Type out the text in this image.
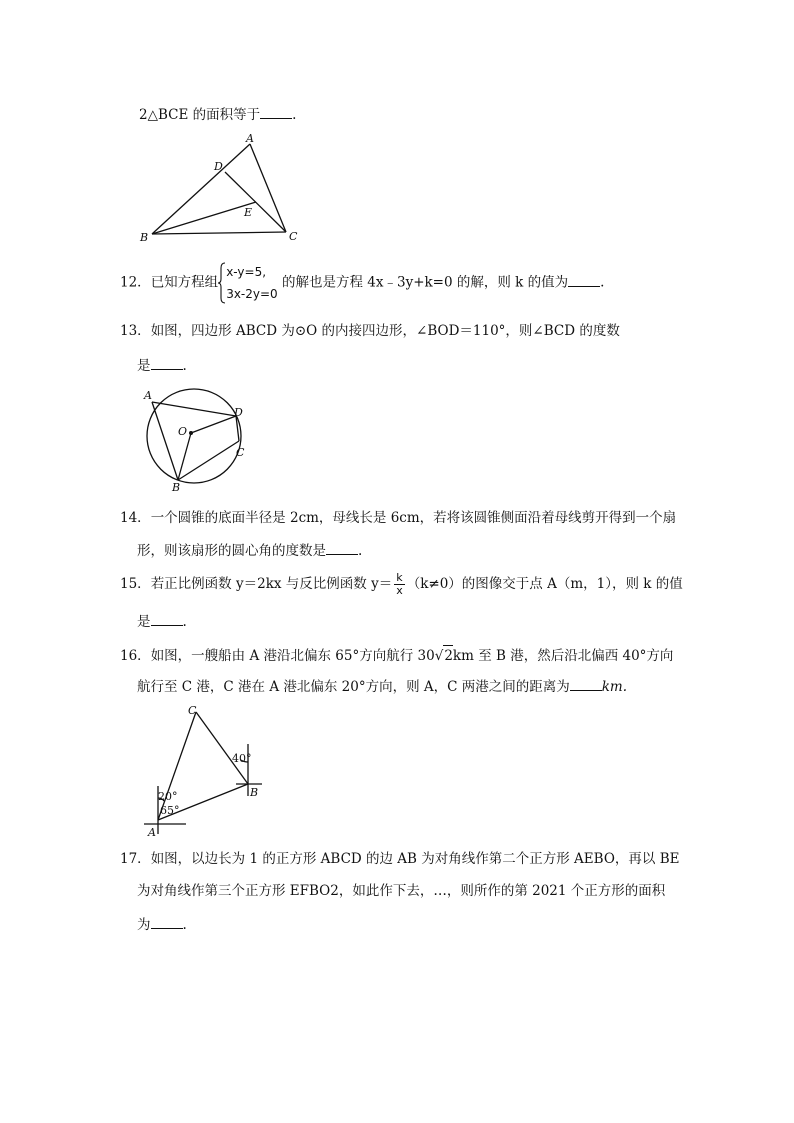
2△BCE 的面积等于 .
A
B	C
D
E
12．已知方程组
x-y=5,
3x-2y=0
的解也是方程 4x﹣3y+k=0 的解，则 k 的值为 .
13．如图，四边形 ABCD 为⊙O 的内接四边形，∠BOD＝110°，则∠BCD 的度数
是 .
A
B
C
D
O
14．一个圆锥的底面半径是 2cm，母线长是 6cm，若将该圆锥侧面沿着母线剪开得到一个扇
形，则该扇形的圆心角的度数是 .
15．若正比例函数 y＝2kx 与反比例函数 $y= \frac{k}{x} (k\ne 0)$的图像交于点 A（m，1），则 k 的值
是 .
16．如图，一艘船由 A 港沿北偏东 65°方向航行 30√2km 至 B 港，然后沿北偏西 40°方向
航行至 C 港，C 港在 A 港北偏东 20°方向，则 A，C 两港之间的距离为 km.
40°
20°
65°
A
B
C
17．如图，以边长为 1 的正方形 ABCD 的边 AB 为对角线作第二个正方形 AEBO，再以 BE
为对角线作第三个正方形 EFBO2，如此作下去，…，则所作的第 2021 个正方形的面积
为 .
